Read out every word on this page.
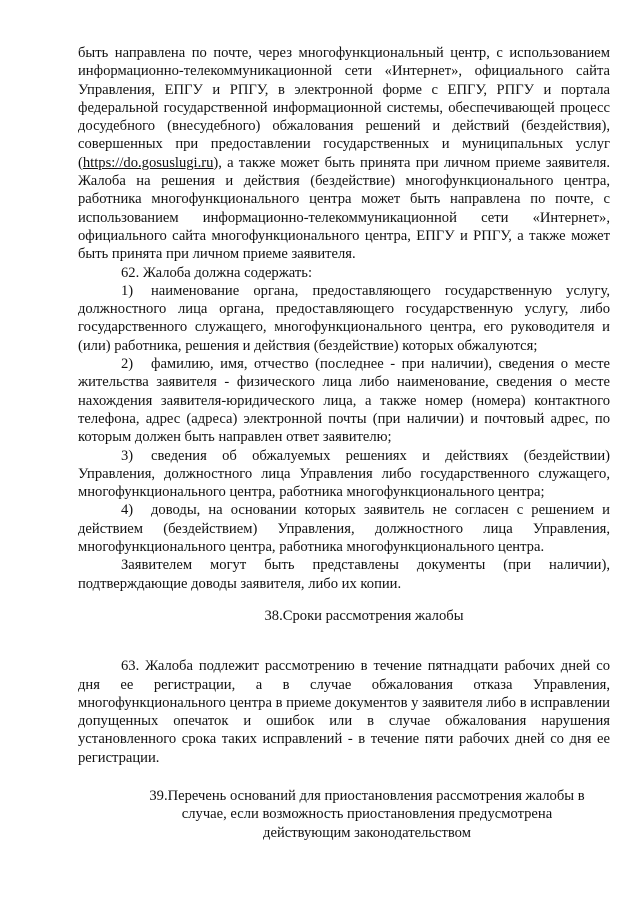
быть направлена по почте, через многофункциональный центр, с использованием информационно-телекоммуникационной сети «Интернет», официального сайта Управления, ЕПГУ и РПГУ, в электронной форме с ЕПГУ, РПГУ и портала федеральной государственной информационной системы, обеспечивающей процесс досудебного (внесудебного) обжалования решений и действий (бездействия), совершенных при предоставлении государственных и муниципальных услуг (https://do.gosuslugi.ru), а также может быть принята при личном приеме заявителя. Жалоба на решения и действия (бездействие) многофункционального центра, работника многофункционального центра может быть направлена по почте, с использованием информационно-телекоммуникационной сети «Интернет», официального сайта многофункционального центра, ЕПГУ и РПГУ, а также может быть принята при личном приеме заявителя.

62. Жалоба должна содержать:

1) наименование органа, предоставляющего государственную услугу, должностного лица органа, предоставляющего государственную услугу, либо государственного служащего, многофункционального центра, его руководителя и (или) работника, решения и действия (бездействие) которых обжалуются;

2) фамилию, имя, отчество (последнее - при наличии), сведения о месте жительства заявителя - физического лица либо наименование, сведения о месте нахождения заявителя-юридического лица, а также номер (номера) контактного телефона, адрес (адреса) электронной почты (при наличии) и почтовый адрес, по которым должен быть направлен ответ заявителю;

3) сведения об обжалуемых решениях и действиях (бездействии) Управления, должностного лица Управления либо государственного служащего, многофункционального центра, работника многофункционального центра;

4) доводы, на основании которых заявитель не согласен с решением и действием (бездействием) Управления, должностного лица Управления, многофункционального центра, работника многофункционального центра.

Заявителем могут быть представлены документы (при наличии), подтверждающие доводы заявителя, либо их копии.

38.Сроки рассмотрения жалобы

63. Жалоба подлежит рассмотрению в течение пятнадцати рабочих дней со дня ее регистрации, а в случае обжалования отказа Управления, многофункционального центра в приеме документов у заявителя либо в исправлении допущенных опечаток и ошибок или в случае обжалования нарушения установленного срока таких исправлений - в течение пяти рабочих дней со дня ее регистрации.

39.Перечень оснований для приостановления рассмотрения жалобы в случае, если возможность приостановления предусмотрена действующим законодательством
